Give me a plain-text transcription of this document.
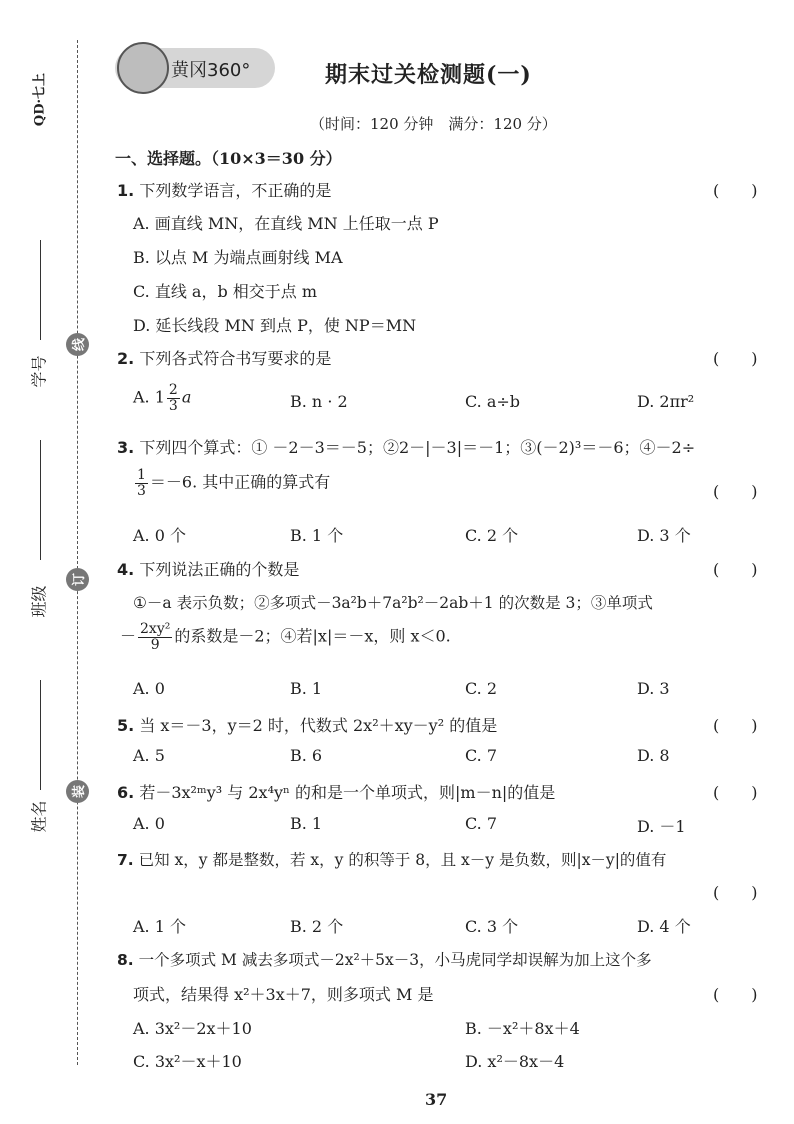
QD·七上
学号
班级
姓名
线
订
装
黄冈360°	期末过关检测题(一)
（时间：120 分钟　满分：120 分）
一、选择题。（10×3＝30 分）
1. 下列数学语言，不正确的是	(　　)
A. 画直线 MN，在直线 MN 上任取一点 P
B. 以点 M 为端点画射线 MA
C. 直线 a，b 相交于点 m
D. 延长线段 MN 到点 P，使 NP＝MN
2. 下列各式符合书写要求的是	(　　)
A. $1 \frac{2}{3}$ a	B. n · 2	C. a÷b	D. 2πr²
3. 下列四个算式：① －2－3＝－5；②2－|－3|＝－1；③(－2)³＝－6；④－2÷
$\frac{1}{3} =-6$. 其中正确的算式有	(　　)
A. 0 个	B. 1 个	C. 2 个	D. 3 个
4. 下列说法正确的个数是	(　　)
①－a 表示负数；②多项式－3a²b＋7a²b²－2ab＋1 的次数是 3；③单项式
－ $\frac{\text{2xy²}}{9}$ 的系数是－2；④若|x|＝－x，则 x＜0.
A. 0	B. 1	C. 2	D. 3
5. 当 x＝－3，y＝2 时，代数式 2x²＋xy－y² 的值是	(　　)
A. 5	B. 6	C. 7	D. 8
6. 若－3x²ᵐy³ 与 2x⁴yⁿ 的和是一个单项式，则|m－n|的值是	(　　)
A. 0	B. 1	C. 7	D. －1
7. 已知 x，y 都是整数，若 x，y 的积等于 8，且 x－y 是负数，则|x－y|的值有
(　　)
A. 1 个	B. 2 个	C. 3 个	D. 4 个
8. 一个多项式 M 减去多项式－2x²＋5x－3，小马虎同学却误解为加上这个多
项式，结果得 x²＋3x＋7，则多项式 M 是	(　　)
A. 3x²－2x＋10	B. －x²＋8x＋4
C. 3x²－x＋10	D. x²－8x－4
37
